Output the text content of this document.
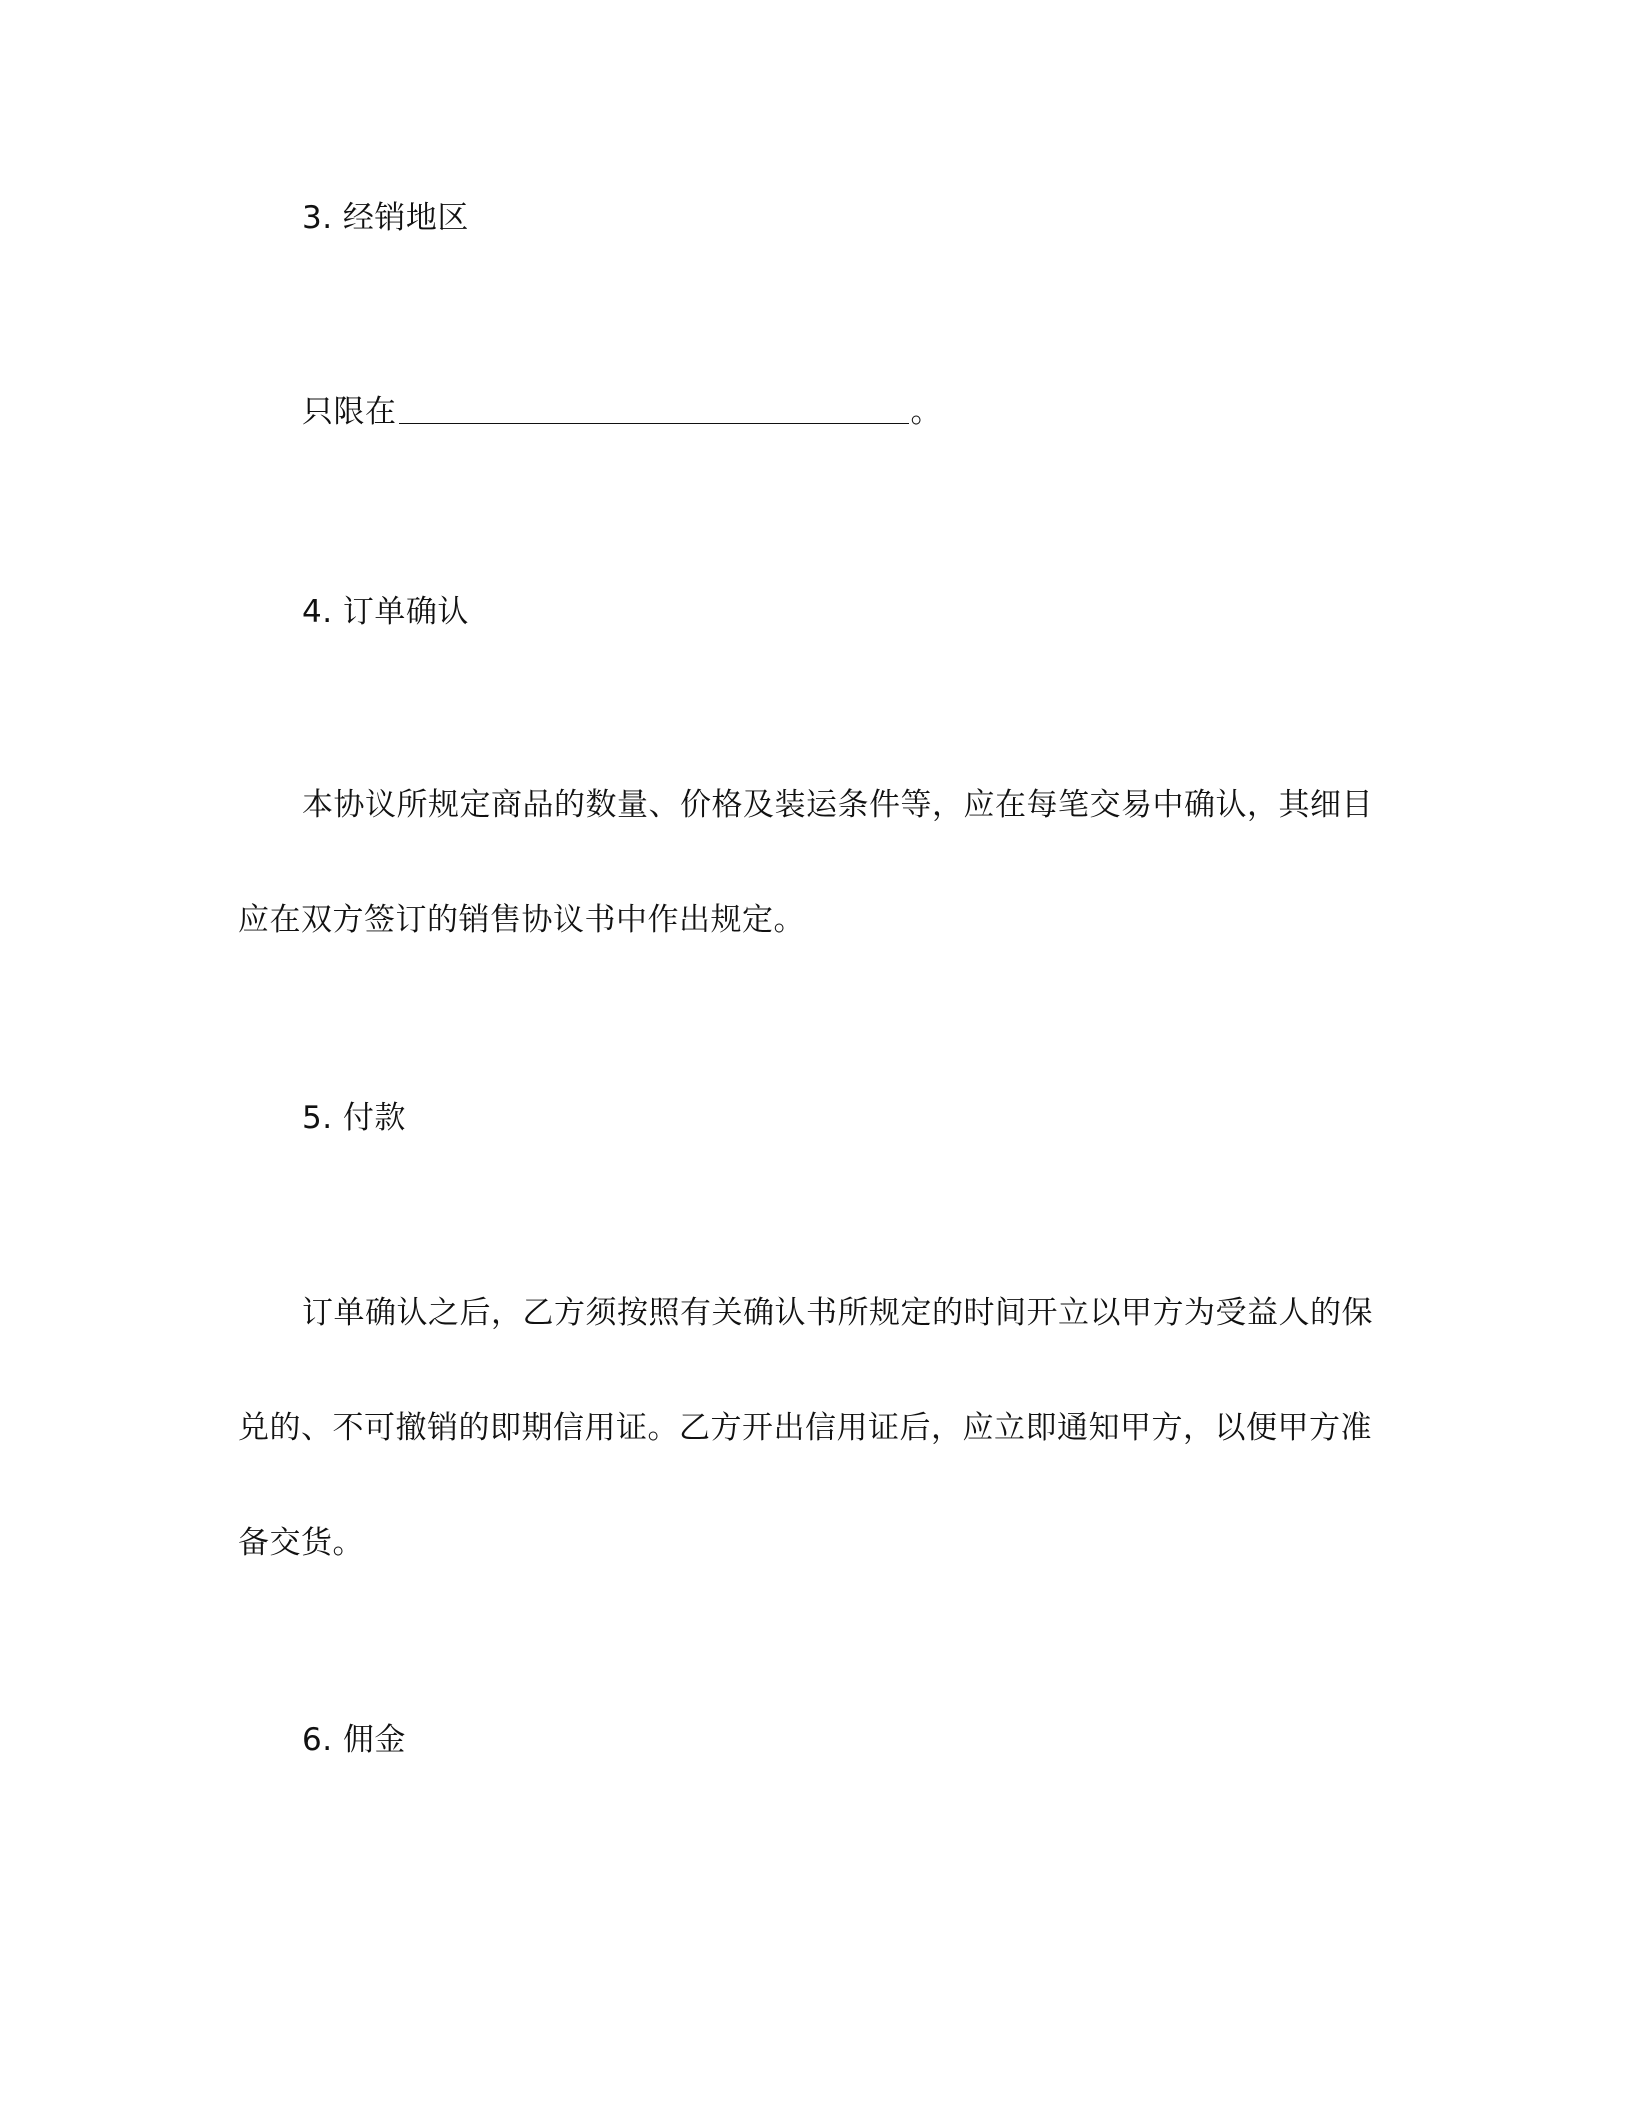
3. 经销地区
只限在	。
4. 订单确认
本协议所规定商品的数量、价格及装运条件等，应在每笔交易中确认，其细目
应在双方签订的销售协议书中作出规定。
5. 付款
订单确认之后，乙方须按照有关确认书所规定的时间开立以甲方为受益人的保
兑的、不可撤销的即期信用证。乙方开出信用证后，应立即通知甲方，以便甲方准
备交货。
6. 佣金
